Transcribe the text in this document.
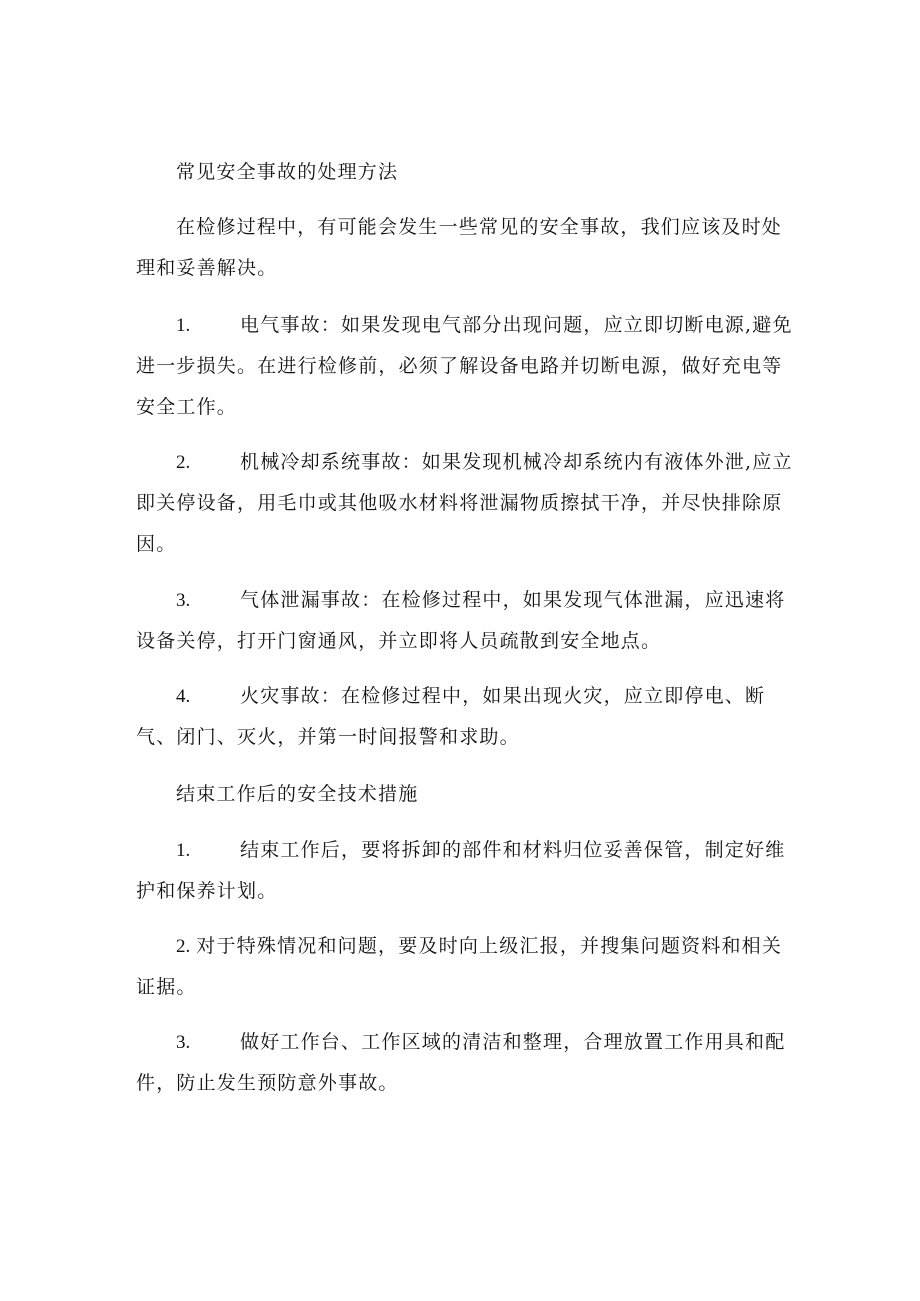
常见安全事故的处理方法

在检修过程中，有可能会发生一些常见的安全事故，我们应该及时处理和妥善解决。

1.	电气事故：如果发现电气部分出现问题，应立即切断电源,避免进一步损失。在进行检修前，必须了解设备电路并切断电源，做好充电等安全工作。

2.	机械冷却系统事故：如果发现机械冷却系统内有液体外泄,应立即关停设备，用毛巾或其他吸水材料将泄漏物质擦拭干净，并尽快排除原因。

3.	气体泄漏事故：在检修过程中，如果发现气体泄漏，应迅速将设备关停，打开门窗通风，并立即将人员疏散到安全地点。

4.	火灾事故：在检修过程中，如果出现火灾，应立即停电、断气、闭门、灭火，并第一时间报警和求助。

结束工作后的安全技术措施

1.	结束工作后，要将拆卸的部件和材料归位妥善保管，制定好维护和保养计划。

2. 对于特殊情况和问题，要及时向上级汇报，并搜集问题资料和相关证据。

3.	做好工作台、工作区域的清洁和整理，合理放置工作用具和配件，防止发生预防意外事故。
